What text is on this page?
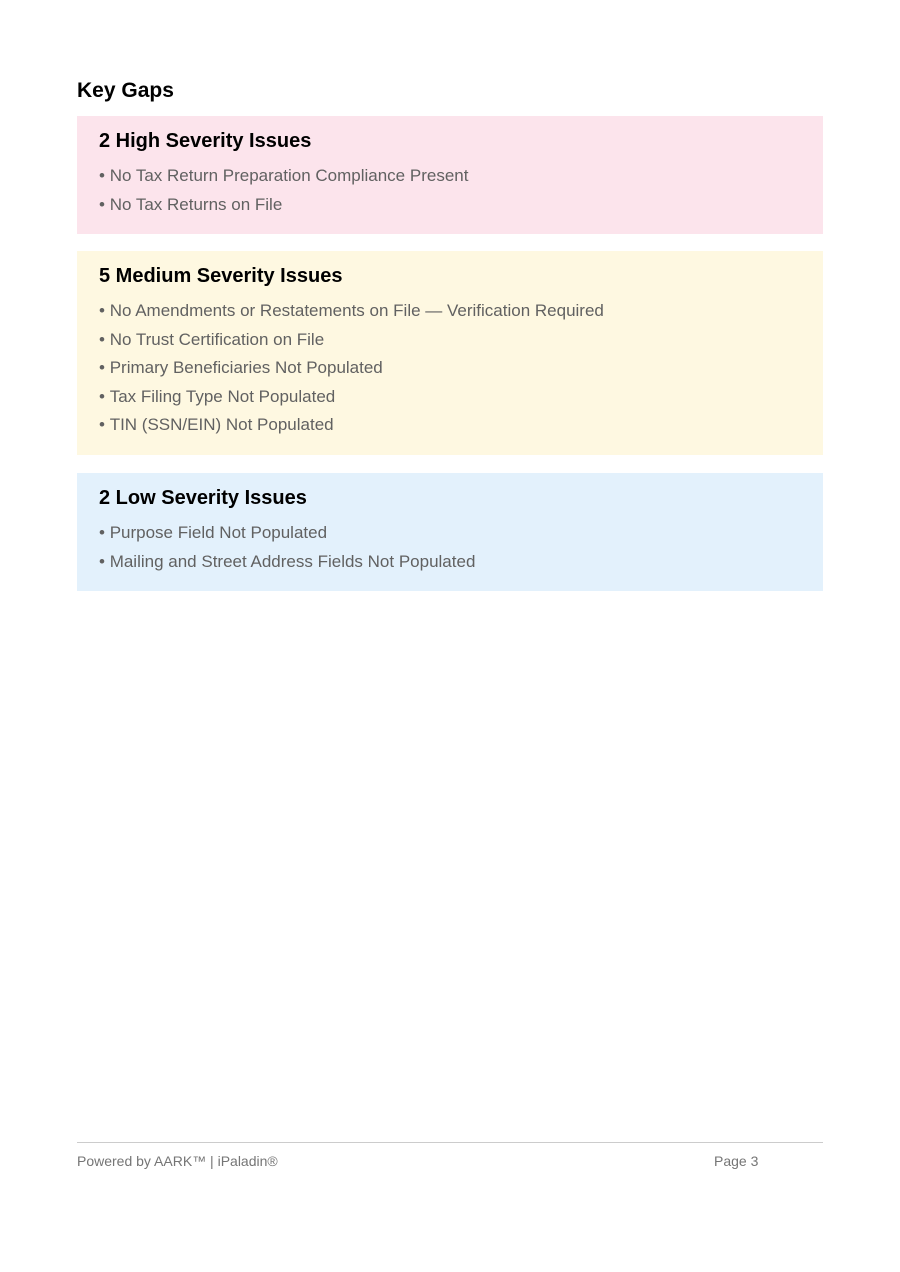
Key Gaps
2 High Severity Issues
• No Tax Return Preparation Compliance Present
• No Tax Returns on File
5 Medium Severity Issues
• No Amendments or Restatements on File — Verification Required
• No Trust Certification on File
• Primary Beneficiaries Not Populated
• Tax Filing Type Not Populated
• TIN (SSN/EIN) Not Populated
2 Low Severity Issues
• Purpose Field Not Populated
• Mailing and Street Address Fields Not Populated
Powered by AARK™ | iPaladin®	Page 3
